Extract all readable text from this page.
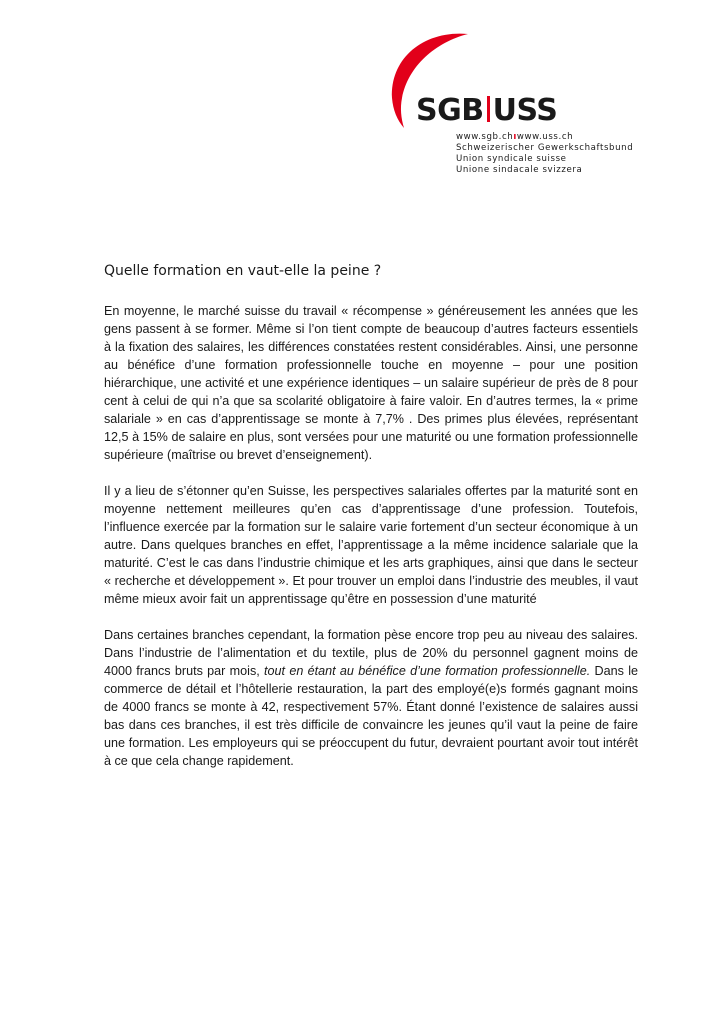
SGB USS
www.sgb.chıwww.uss.ch
Schweizerischer Gewerkschaftsbund
Union syndicale suisse
Unione sindacale svizzera
Quelle formation en vaut-elle la peine ?

En moyenne, le marché suisse du travail « récompense » généreusement les années que les gens passent à se former. Même si l’on tient compte de beaucoup d’autres facteurs essentiels à la fixation des salaires, les différences constatées restent considérables. Ainsi, une personne au bénéfice d’une formation professionnelle touche en moyenne – pour une position hiérarchique, une activité et une expérience identiques – un salaire supérieur de près de 8 pour cent à celui de qui n’a que sa scolarité obligatoire à faire valoir. En d’autres termes, la « prime salariale » en cas d’apprentissage se monte à 7,7% . Des primes plus élevées, représentant 12,5 à 15% de salaire en plus, sont versées pour une maturité ou une formation professionnelle supérieure (maîtrise ou brevet d’enseignement).

Il y a lieu de s’étonner qu’en Suisse, les perspectives salariales offertes par la maturité sont en moyenne nettement meilleures qu’en cas d’apprentissage d’une profession. Toutefois, l’influence exercée par la formation sur le salaire varie fortement d’un secteur économique à un autre. Dans quelques branches en effet, l’apprentissage a la même incidence salariale que la maturité. C’est le cas dans l’industrie chimique et les arts graphiques, ainsi que dans le secteur « recherche et développement ». Et pour trouver un emploi dans l’industrie des meubles, il vaut même mieux avoir fait un apprentissage qu’être en possession d’une maturité

Dans certaines branches cependant, la formation pèse encore trop peu au niveau des salaires. Dans l’industrie de l’alimentation et du textile, plus de 20% du personnel gagnent moins de 4000 francs bruts par mois, tout en étant au bénéfice d’une formation professionnelle. Dans le commerce de détail et l’hôtellerie restauration, la part des employé(e)s formés gagnant moins de 4000 francs se monte à 42, respectivement 57%. Étant donné l’existence de salaires aussi bas dans ces branches, il est très difficile de convaincre les jeunes qu’il vaut la peine de faire une formation. Les employeurs qui se préoccupent du futur, devraient pourtant avoir tout intérêt à ce que cela change rapidement.
